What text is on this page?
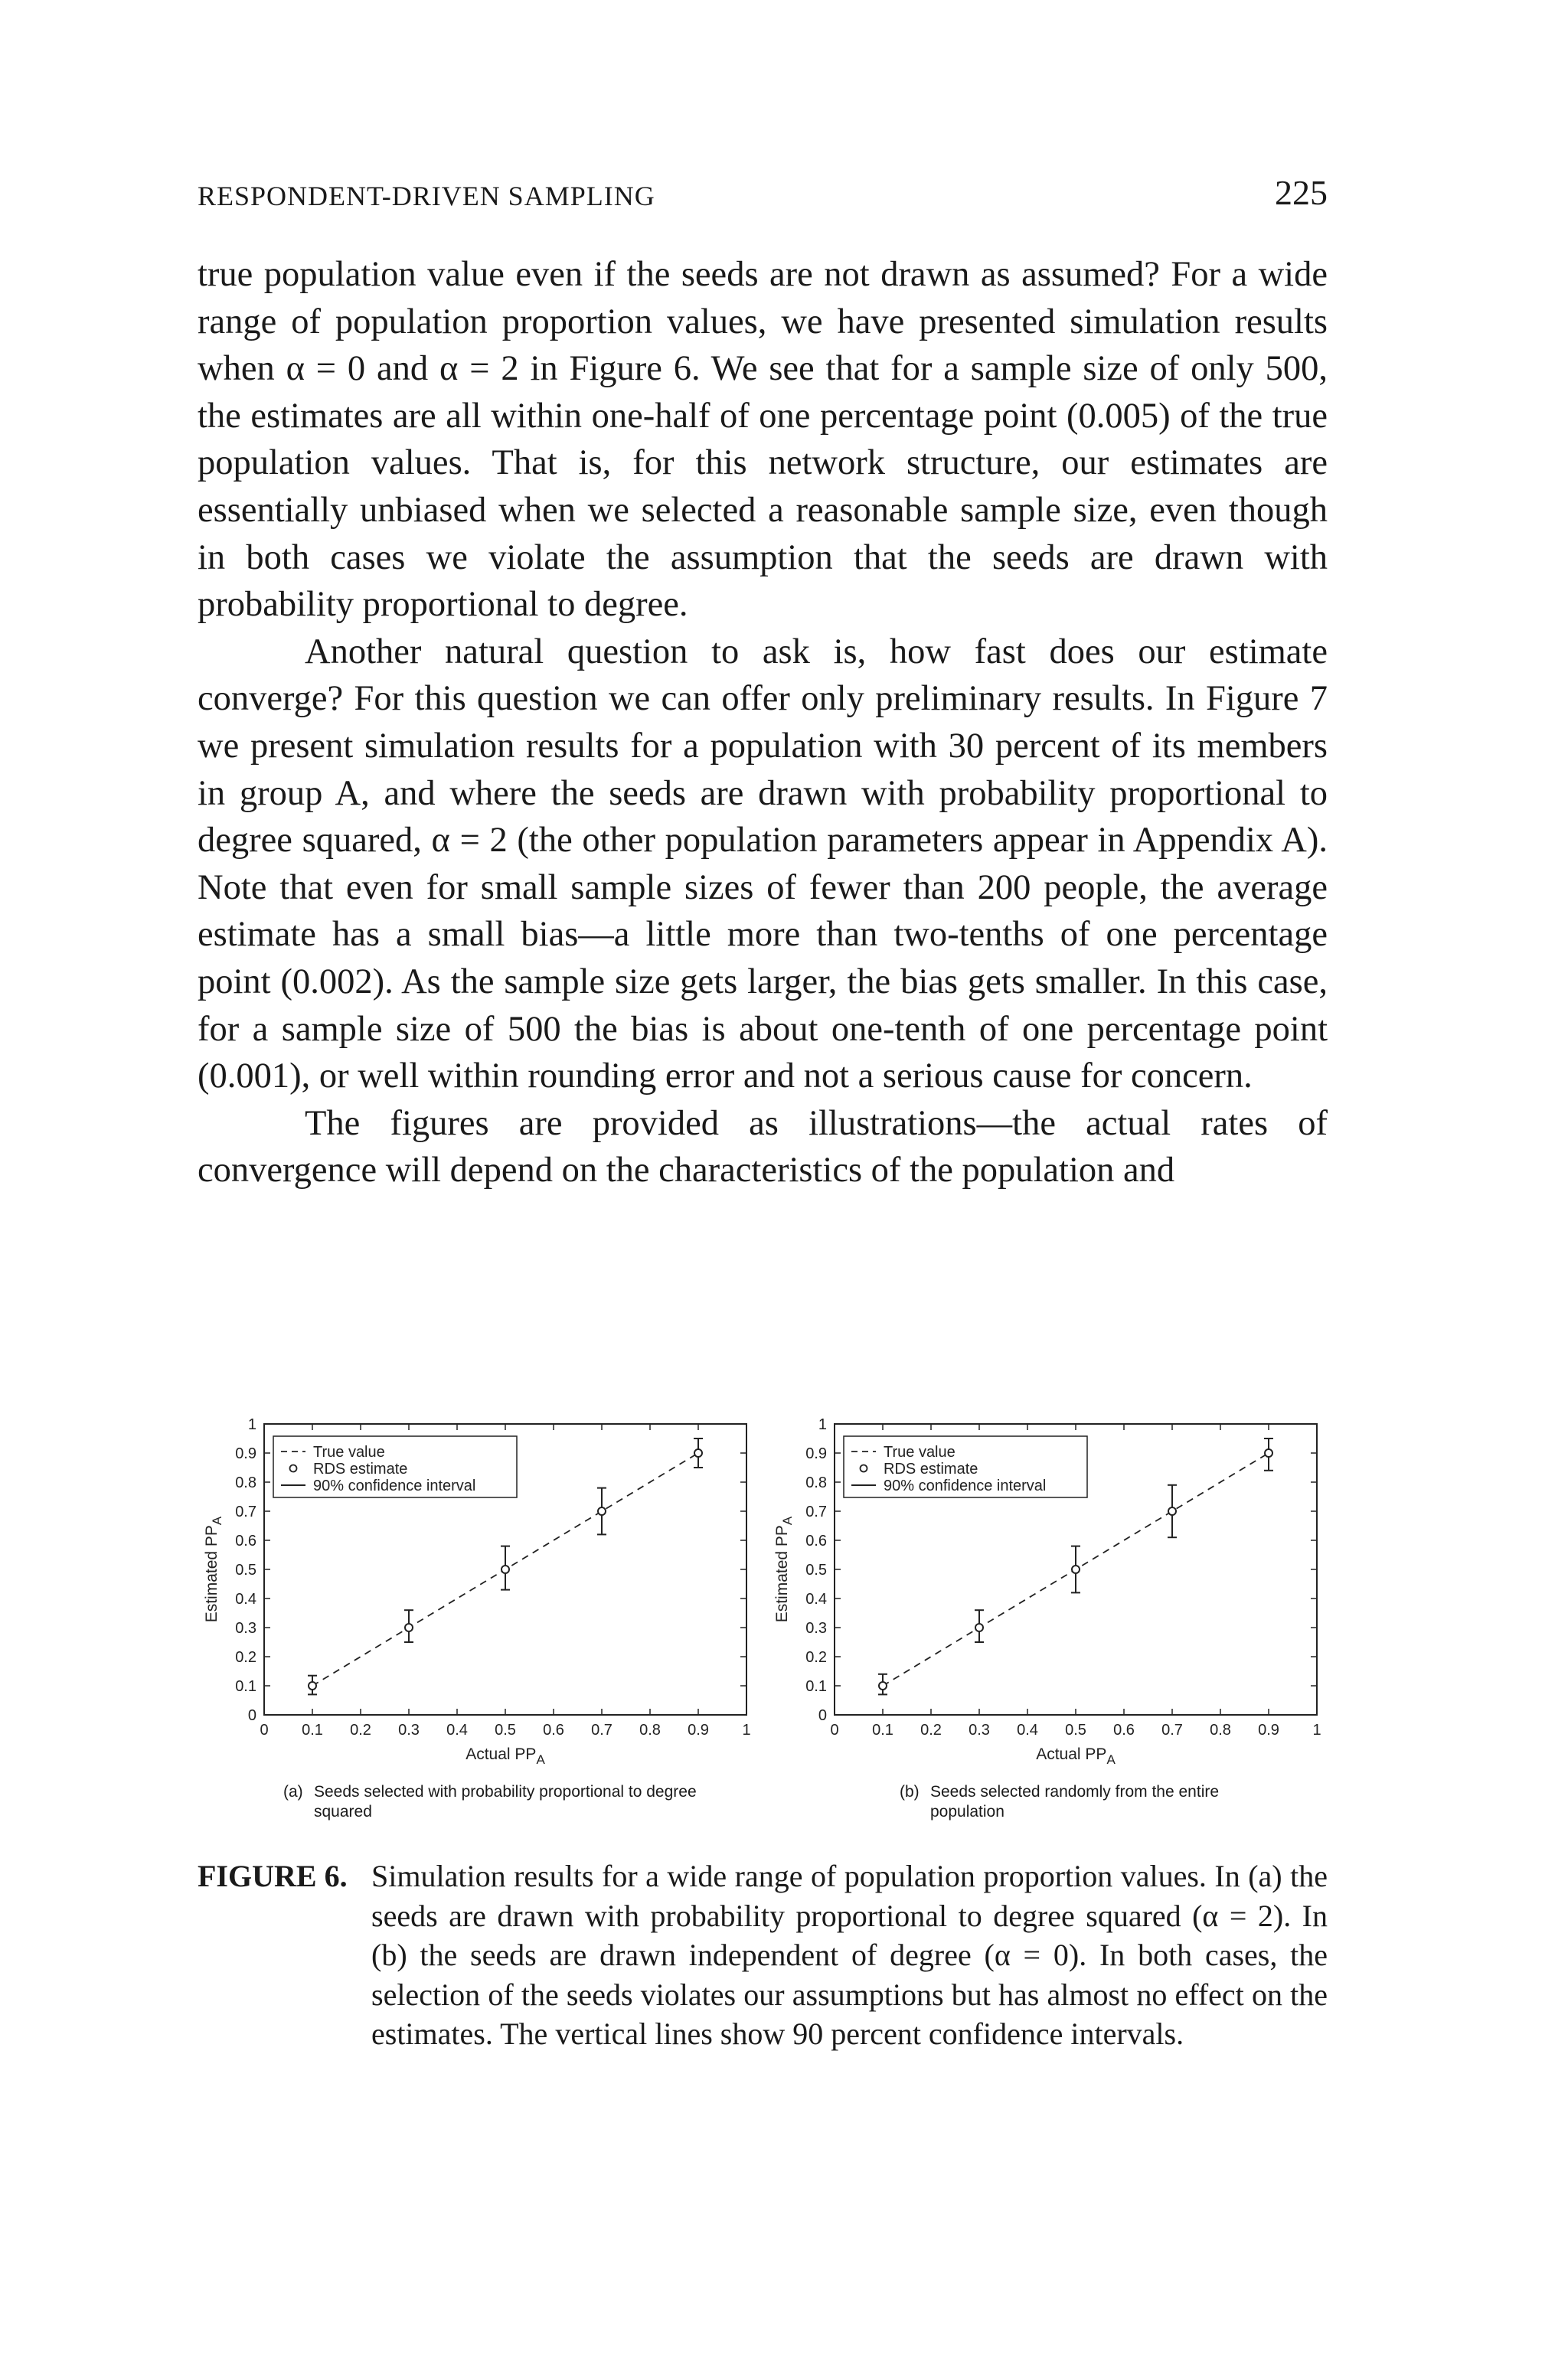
RESPONDENT-DRIVEN SAMPLING	225

true population value even if the seeds are not drawn as assumed? For a wide range of population proportion values, we have presented simulation results when α = 0 and α = 2 in Figure 6. We see that for a sample size of only 500, the estimates are all within one-half of one percentage point (0.005) of the true population values. That is, for this network structure, our estimates are essentially unbiased when we selected a reasonable sample size, even though in both cases we violate the assumption that the seeds are drawn with probability proportional to degree.

Another natural question to ask is, how fast does our estimate converge? For this question we can offer only preliminary results. In Figure 7 we present simulation results for a population with 30 percent of its members in group A, and where the seeds are drawn with probability proportional to degree squared, α = 2 (the other population parameters appear in Appendix A). Note that even for small sample sizes of fewer than 200 people, the average estimate has a small bias—a little more than two-tenths of one percentage point (0.002). As the sample size gets larger, the bias gets smaller. In this case, for a sample size of 500 the bias is about one-tenth of one percentage point (0.001), or well within rounding error and not a serious cause for concern.

The figures are provided as illustrations—the actual rates of convergence will depend on the characteristics of the population and

0
0.1
0.2
0.3
0.4
0.5
0.6
0.7
0.8
0.9
1
0 0.1 0.2 0.3 0.4 0.5 0.6 0.7 0.8 0.9 1
Actual $PP_A$
Estimated $PP_A$
True value
RDS estimate
90% confidence interval
0
0.1
0.2
0.3
0.4
0.5
0.6
0.7
0.8
0.9
1
0 0.1 0.2 0.3 0.4 0.5 0.6 0.7 0.8 0.9 1
Actual $PP_A$
Estimated $PP_A$
True value
RDS estimate
90% confidence interval
(a) Seeds selected with probability proportional to degree
squared
(b) Seeds selected randomly from the entire
population
FIGURE 6. Simulation results for a wide range of population proportion values. In (a) the seeds are drawn with probability proportional to degree squared (α = 2). In (b) the seeds are drawn independent of degree (α = 0). In both cases, the selection of the seeds violates our assumptions but has almost no effect on the estimates. The vertical lines show 90 percent confidence intervals.
